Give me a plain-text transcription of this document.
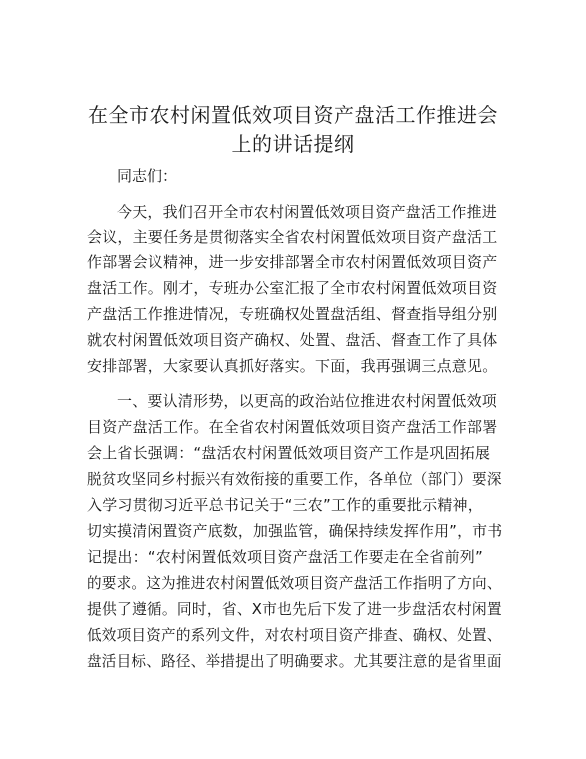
在全市农村闲置低效项目资产盘活工作推进会
上的讲话提纲
同志们：
今天，我们召开全市农村闲置低效项目资产盘活工作推进
会议，主要任务是贯彻落实全省农村闲置低效项目资产盘活工
作部署会议精神，进一步安排部署全市农村闲置低效项目资产
盘活工作。刚才，专班办公室汇报了全市农村闲置低效项目资
产盘活工作推进情况，专班确权处置盘活组、督查指导组分别
就农村闲置低效项目资产确权、处置、盘活、督查工作了具体
安排部署，大家要认真抓好落实。下面，我再强调三点意见。
一、要认清形势，以更高的政治站位推进农村闲置低效项
目资产盘活工作。在全省农村闲置低效项目资产盘活工作部署
会上省长强调：“盘活农村闲置低效项目资产工作是巩固拓展
脱贫攻坚同乡村振兴有效衔接的重要工作，各单位（部门）要深
入学习贯彻习近平总书记关于“三农”工作的重要批示精神，
切实摸清闲置资产底数，加强监管，确保持续发挥作用”，市书
记提出：“农村闲置低效项目资产盘活工作要走在全省前列”
的要求。这为推进农村闲置低效项目资产盘活工作指明了方向、
提供了遵循。同时，省、X市也先后下发了进一步盘活农村闲置
低效项目资产的系列文件，对农村项目资产排查、确权、处置、
盘活目标、路径、举措提出了明确要求。尤其要注意的是省里面
